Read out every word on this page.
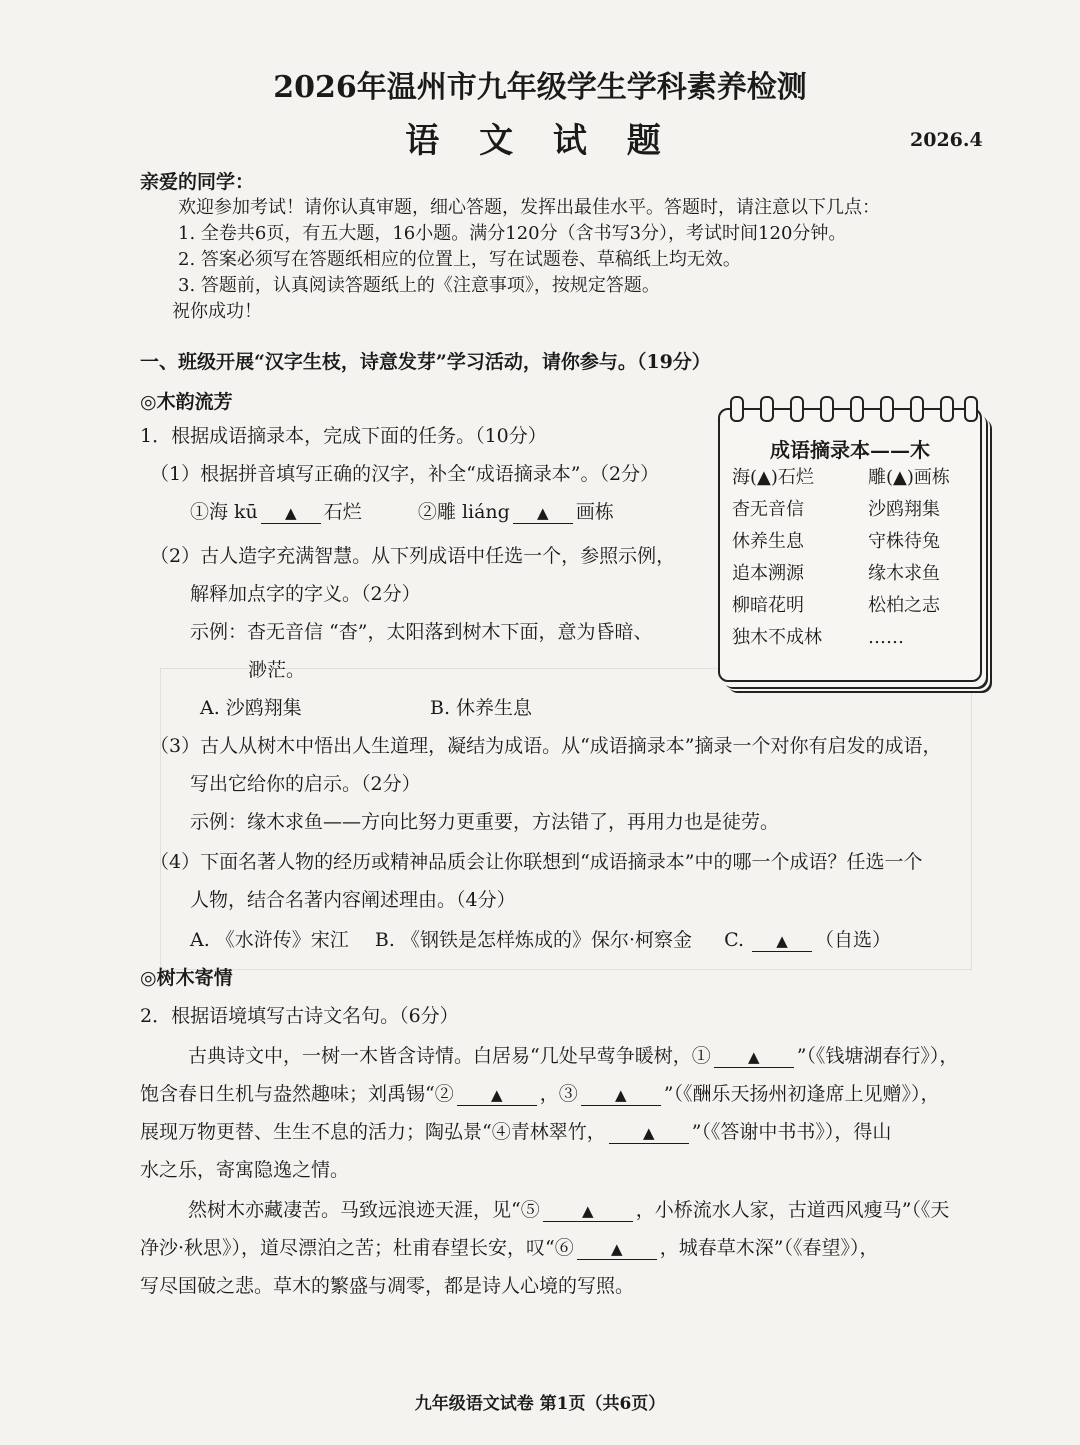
2026年温州市九年级学生学科素养检测
语 文 试 题	2026.4
亲爱的同学：
欢迎参加考试！请你认真审题，细心答题，发挥出最佳水平。答题时，请注意以下几点：
1. 全卷共6页，有五大题，16小题。满分120分（含书写3分），考试时间120分钟。
2. 答案必须写在答题纸相应的位置上，写在试题卷、草稿纸上均无效。
3. 答题前，认真阅读答题纸上的《注意事项》，按规定答题。
祝你成功！
一、班级开展“汉字生枝，诗意发芽”学习活动，请你参与。（19分）
◎木韵流芳
1．根据成语摘录本，完成下面的任务。（10分）
（1）根据拼音填写正确的汉字，补全“成语摘录本”。（2分）
①海 kū ▲ 石烂	②雕 liáng ▲ 画栋
（2）古人造字充满智慧。从下列成语中任选一个，参照示例，
解释加点字的字义。（2分）
示例：杳无音信 “杳”，太阳落到树木下面，意为昏暗、
渺茫。
A. 沙鸥翔集	B. 休养生息
（3）古人从树木中悟出人生道理，凝结为成语。从“成语摘录本”摘录一个对你有启发的成语，
写出它给你的启示。（2分）
示例：缘木求鱼——方向比努力更重要，方法错了，再用力也是徒劳。
（4）下面名著人物的经历或精神品质会让你联想到“成语摘录本”中的哪一个成语？任选一个
人物，结合名著内容阐述理由。（4分）
A. 《水浒传》宋江 B. 《钢铁是怎样炼成的》保尔·柯察金 C. ▲ （自选）
◎树木寄情
2．根据语境填写古诗文名句。（6分）
古典诗文中，一树一木皆含诗情。白居易“几处早莺争暖树，① ▲ ”（《钱塘湖春行》），
饱含春日生机与盎然趣味；刘禹锡“② ▲ ，③ ▲ ”（《酬乐天扬州初逢席上见赠》），
展现万物更替、生生不息的活力；陶弘景“④青林翠竹， ▲ ”（《答谢中书书》），得山
水之乐，寄寓隐逸之情。
然树木亦藏凄苦。马致远浪迹天涯，见“⑤	▲ ，小桥流水人家，古道西风瘦马”（《天
净沙·秋思》），道尽漂泊之苦；杜甫春望长安，叹“⑥ ▲ ，城春草木深”（《春望》），
写尽国破之悲。草木的繁盛与凋零，都是诗人心境的写照。
成语摘录本——木
海(▲)石烂	雕(▲)画栋
杳无音信	沙鸥翔集
休养生息	守株待兔
追本溯源	缘木求鱼
柳暗花明	松柏之志
独木不成林	……
九年级语文试卷 第1页（共6页）
